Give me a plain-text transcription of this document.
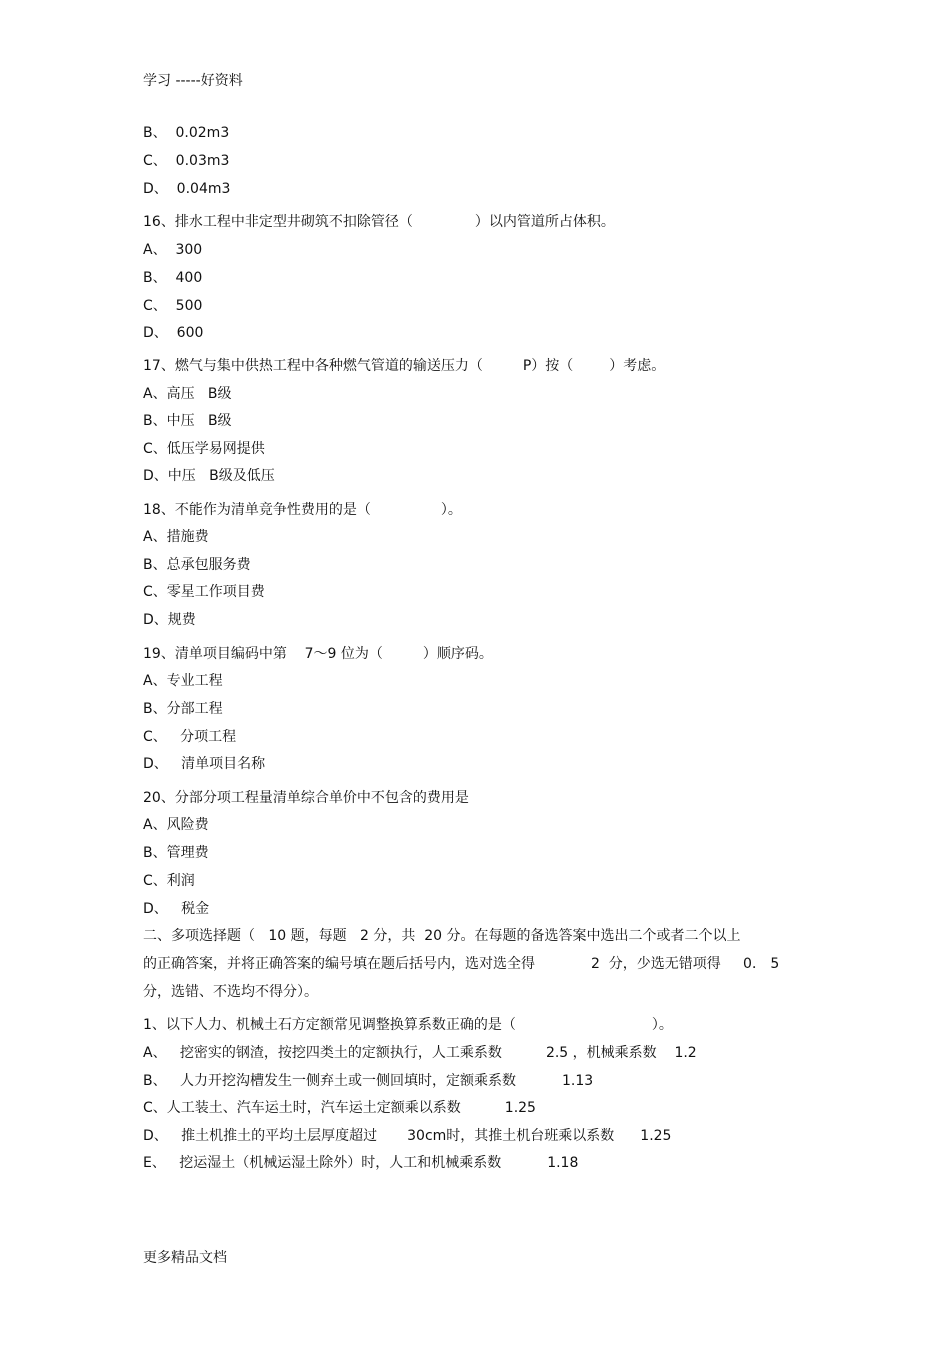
学习 -----好资料
B、  0.02m3
C、  0.03m3
D、  0.04m3
16、排水工程中非定型井砌筑不扣除管径（	）以内管道所占体积。
A、  300
B、  400
C、  500
D、  600
17、燃气与集中供热工程中各种燃气管道的输送压力（	P）按（	）考虑。
A、高压   B级
B、中压   B级
C、低压学易网提供
D、中压   B级及低压
18、不能作为清单竞争性费用的是（	）。
A、措施费
B、总承包服务费
C、零星工作项目费
D、规费
19、清单项目编码中第    7～9 位为（	）顺序码。
A、专业工程
B、分部工程
C、   分项工程
D、   清单项目名称
20、分部分项工程量清单综合单价中不包含的费用是
A、风险费
B、管理费
C、利润
D、   税金
二、多项选择题（   10 题，每题   2 分，共  20 分。在每题的备选答案中选出二个或者二个以上
的正确答案，并将正确答案的编号填在题后括号内，选对选全得	2  分，少选无错项得     0． 5
分，选错、不选均不得分）。
1、以下人力、机械土石方定额常见调整换算系数正确的是（	）。
A、   挖密实的钢渣，按挖四类土的定额执行，人工乘系数	2.5 ，机械乘系数    1.2
B、   人力开挖沟槽发生一侧弃土或一侧回填时，定额乘系数	1.13
C、人工装土、汽车运土时，汽车运土定额乘以系数	1.25
D、   推土机推土的平均土层厚度超过 30cm时，其推土机台班乘以系数 1.25
E、   挖运湿土（机械运湿土除外）时，人工和机械乘系数	1.18
更多精品文档
